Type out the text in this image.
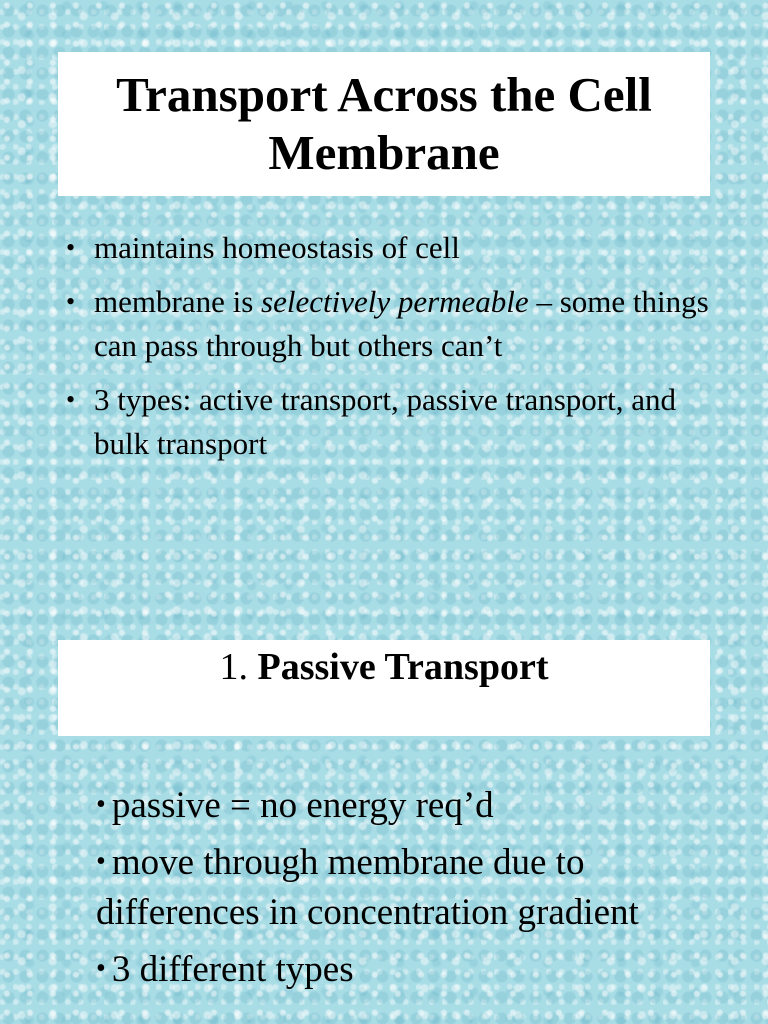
Transport Across the Cell Membrane
• maintains homeostasis of cell
• membrane is selectively permeable – some things can pass through but others can’t
• 3 types: active transport, passive transport, and bulk transport
1. Passive Transport

• passive = no energy req’d

• move through membrane due to differences in concentration gradient

• 3 different types
